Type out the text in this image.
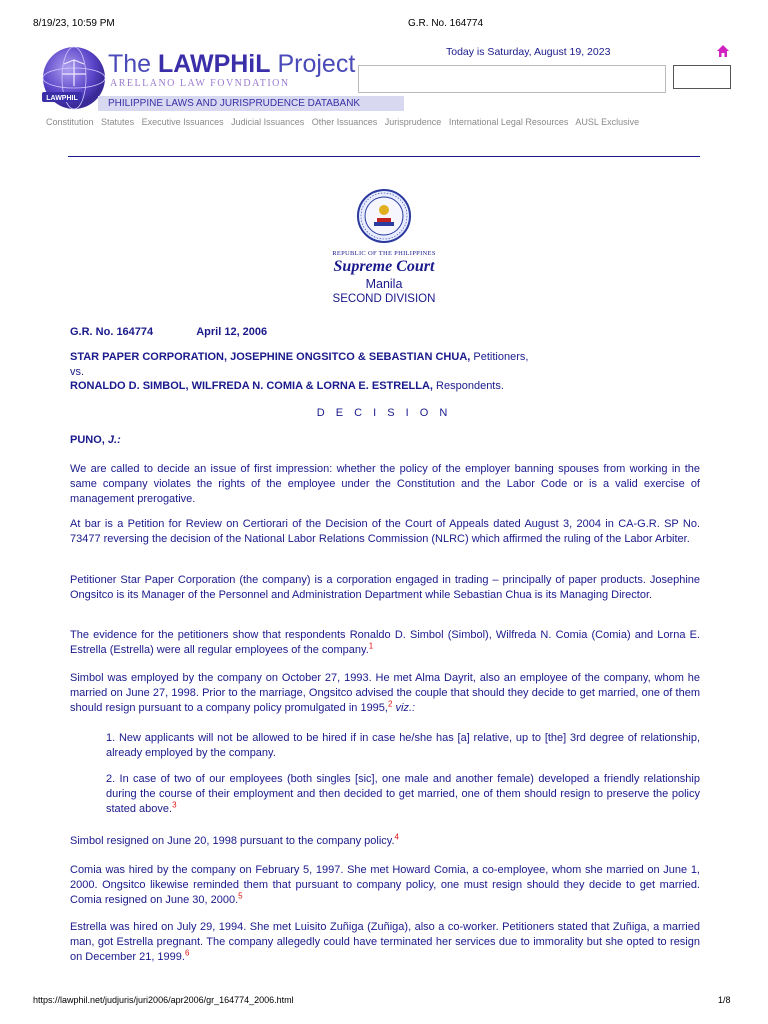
8/19/23, 10:59 PM	G.R. No. 164774
LAWPHIL
The LAWPHiL Project
ARELLANO LAW FOVNDATION
PHILIPPINE LAWS AND JURISPRUDENCE DATABANK
Today is Saturday, August 19, 2023
Constitution Statutes Executive Issuances Judicial Issuances Other Issuances Jurisprudence International Legal Resources AUSL Exclusive
REPUBLIC OF THE PHILIPPINES
Supreme Court
Manila
SECOND DIVISION
G.R. No. 164774	April 12, 2006
STAR PAPER CORPORATION, JOSEPHINE ONGSITCO & SEBASTIAN CHUA, Petitioners,
vs.
RONALDO D. SIMBOL, WILFREDA N. COMIA & LORNA E. ESTRELLA, Respondents.
D E C I S I O N
PUNO, J.:
We are called to decide an issue of first impression: whether the policy of the employer banning spouses from working in the same company violates the rights of the employee under the Constitution and the Labor Code or is a valid exercise of management prerogative.
At bar is a Petition for Review on Certiorari of the Decision of the Court of Appeals dated August 3, 2004 in CA-G.R. SP No. 73477 reversing the decision of the National Labor Relations Commission (NLRC) which affirmed the ruling of the Labor Arbiter.
Petitioner Star Paper Corporation (the company) is a corporation engaged in trading – principally of paper products. Josephine Ongsitco is its Manager of the Personnel and Administration Department while Sebastian Chua is its Managing Director.
The evidence for the petitioners show that respondents Ronaldo D. Simbol (Simbol), Wilfreda N. Comia (Comia) and Lorna E. Estrella (Estrella) were all regular employees of the company.$^1$
Simbol was employed by the company on October 27, 1993. He met Alma Dayrit, also an employee of the company, whom he married on June 27, 1998. Prior to the marriage, Ongsitco advised the couple that should they decide to get married, one of them should resign pursuant to a company policy promulgated in 1995,$^2$ viz.:
1. New applicants will not be allowed to be hired if in case he/she has [a] relative, up to [the] 3rd degree of relationship, already employed by the company.
2. In case of two of our employees (both singles [sic], one male and another female) developed a friendly relationship during the course of their employment and then decided to get married, one of them should resign to preserve the policy stated above.$^3$
Simbol resigned on June 20, 1998 pursuant to the company policy.$^4$
Comia was hired by the company on February 5, 1997. She met Howard Comia, a co-employee, whom she married on June 1, 2000. Ongsitco likewise reminded them that pursuant to company policy, one must resign should they decide to get married. Comia resigned on June 30, 2000.$^5$
Estrella was hired on July 29, 1994. She met Luisito Zuñiga (Zuñiga), also a co-worker. Petitioners stated that Zuñiga, a married man, got Estrella pregnant. The company allegedly could have terminated her services due to immorality but she opted to resign on December 21, 1999.$^6$
https://lawphil.net/judjuris/juri2006/apr2006/gr_164774_2006.html	1/8
